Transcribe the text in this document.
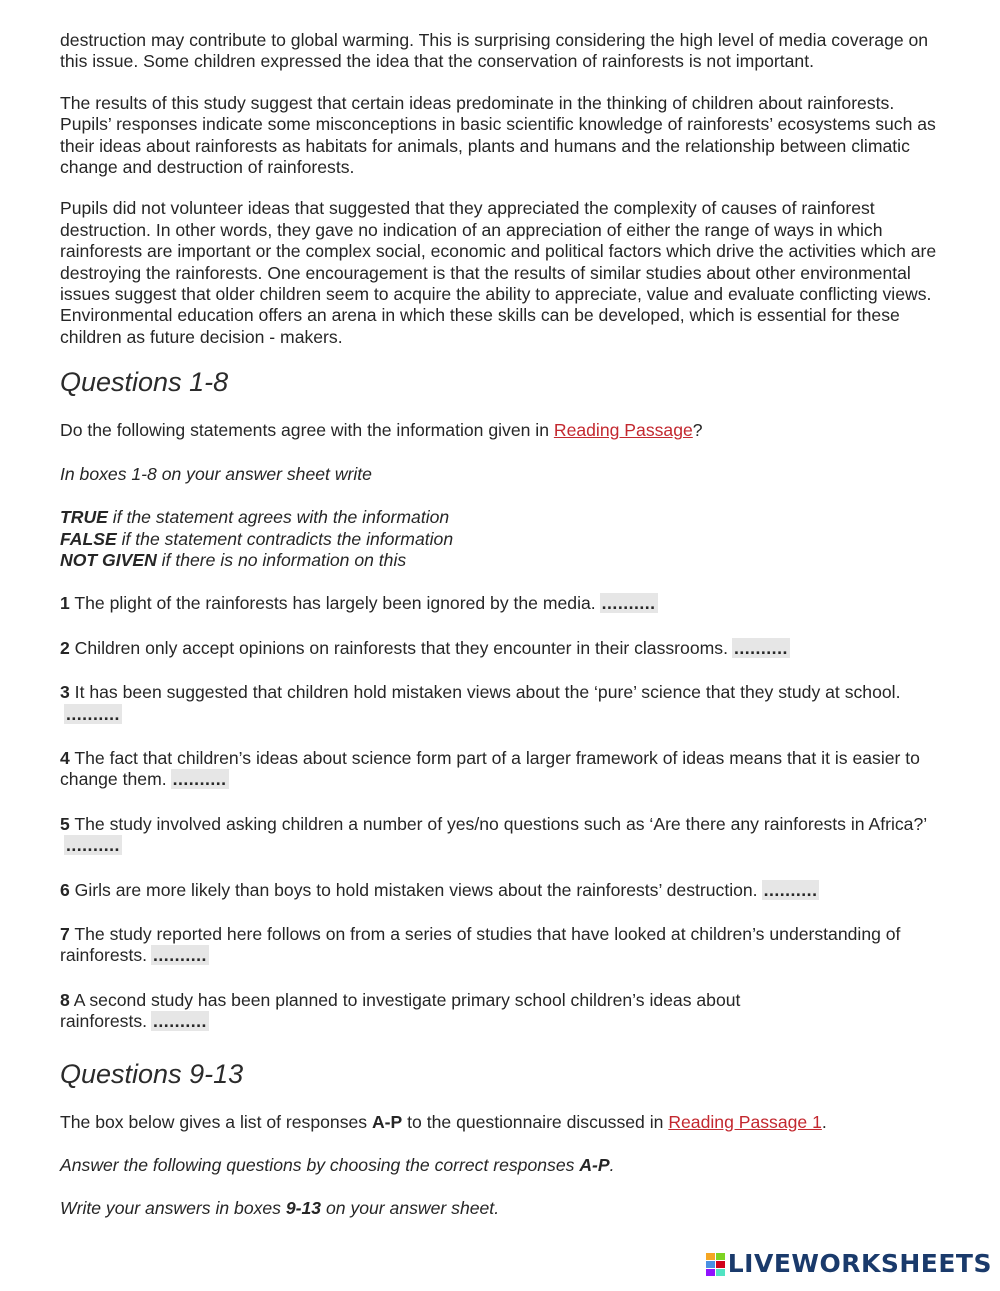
destruction may contribute to global warming. This is surprising considering the high level of media coverage on this issue. Some children expressed the idea that the conservation of rainforests is not important.

The results of this study suggest that certain ideas predominate in the thinking of children about rainforests. Pupils’ responses indicate some misconceptions in basic scientific knowledge of rainforests’ ecosystems such as their ideas about rainforests as habitats for animals, plants and humans and the relationship between climatic change and destruction of rainforests.

Pupils did not volunteer ideas that suggested that they appreciated the complexity of causes of rainforest destruction. In other words, they gave no indication of an appreciation of either the range of ways in which rainforests are important or the complex social, economic and political factors which drive the activities which are destroying the rainforests. One encouragement is that the results of similar studies about other environmental issues suggest that older children seem to acquire the ability to appreciate, value and evaluate conflicting views. Environmental education offers an arena in which these skills can be developed, which is essential for these children as future decision - makers.

Questions 1-8

Do the following statements agree with the information given in Reading Passage?

In boxes 1-8 on your answer sheet write

TRUE if the statement agrees with the information

FALSE if the statement contradicts the information

NOT GIVEN if there is no information on this

1 The plight of the rainforests has largely been ignored by the media. ..........

2 Children only accept opinions on rainforests that they encounter in their classrooms. ..........

3 It has been suggested that children hold mistaken views about the ‘pure’ science that they study at school...........

4 The fact that children’s ideas about science form part of a larger framework of ideas means that it is easier to change them. ..........

5 The study involved asking children a number of yes/no questions such as ‘Are there any rainforests in Africa?’..........

6 Girls are more likely than boys to hold mistaken views about the rainforests’ destruction. ..........

7 The study reported here follows on from a series of studies that have looked at children’s understanding of rainforests. ..........

8 A second study has been planned to investigate primary school children’s ideas about rainforests. ..........

Questions 9-13

The box below gives a list of responses A-P to the questionnaire discussed in Reading Passage 1.

Answer the following questions by choosing the correct responses A-P.

Write your answers in boxes 9-13 on your answer sheet.

LIVEWORKSHEETS
